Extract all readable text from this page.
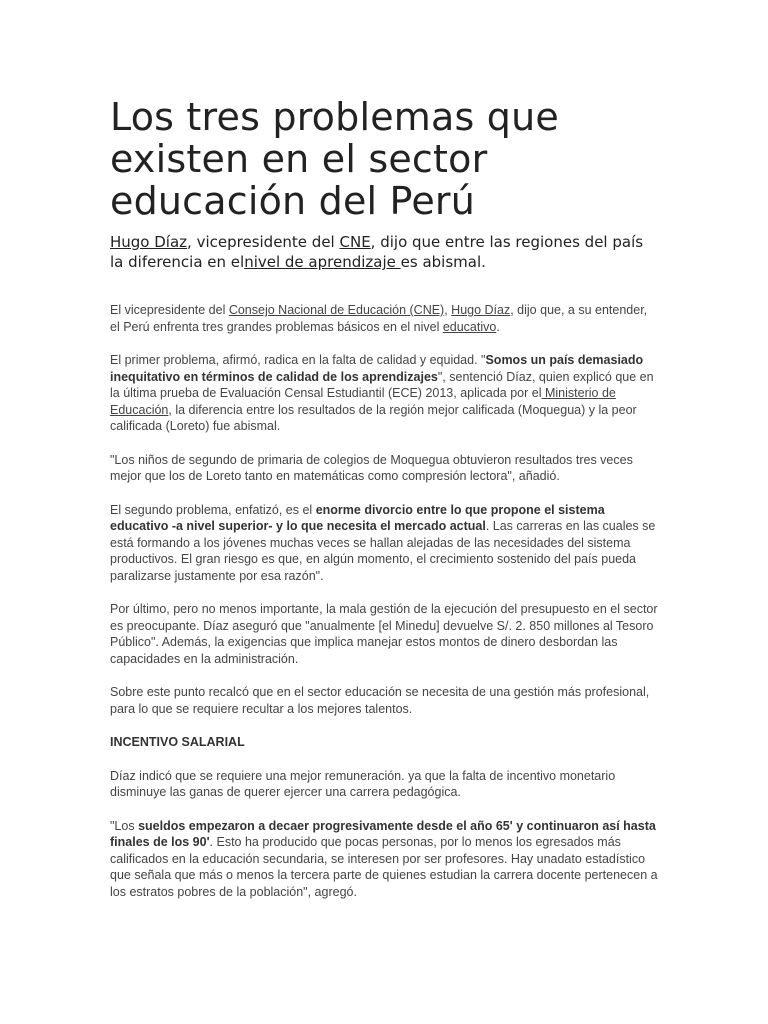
Los tres problemas que existen en el sector educación del Perú

Hugo Díaz, vicepresidente del CNE, dijo que entre las regiones del país la diferencia en elnivel de aprendizaje es abismal.

El vicepresidente del Consejo Nacional de Educación (CNE), Hugo Díaz, dijo que, a su entender, el Perú enfrenta tres grandes problemas básicos en el nivel educativo.

El primer problema, afirmó, radica en la falta de calidad y equidad. "Somos un país demasiado inequitativo en términos de calidad de los aprendizajes", sentenció Díaz, quien explicó que en la última prueba de Evaluación Censal Estudiantil (ECE) 2013, aplicada por el Ministerio de Educación, la diferencia entre los resultados de la región mejor calificada (Moquegua) y la peor calificada (Loreto) fue abismal.

"Los niños de segundo de primaria de colegios de Moquegua obtuvieron resultados tres veces mejor que los de Loreto tanto en matemáticas como compresión lectora", añadió.

El segundo problema, enfatizó, es el enorme divorcio entre lo que propone el sistema educativo -a nivel superior- y lo que necesita el mercado actual. Las carreras en las cuales se está formando a los jóvenes muchas veces se hallan alejadas de las necesidades del sistema productivos. El gran riesgo es que, en algún momento, el crecimiento sostenido del país pueda paralizarse justamente por esa razón".

Por último, pero no menos importante, la mala gestión de la ejecución del presupuesto en el sector es preocupante. Díaz aseguró que "anualmente [el Minedu] devuelve S/. 2. 850 millones al Tesoro Público". Además, la exigencias que implica manejar estos montos de dinero desbordan las capacidades en la administración.

Sobre este punto recalcó que en el sector educación se necesita de una gestión más profesional, para lo que se requiere recultar a los mejores talentos.

INCENTIVO SALARIAL

Díaz indicó que se requiere una mejor remuneración. ya que la falta de incentivo monetario disminuye las ganas de querer ejercer una carrera pedagógica.

"Los sueldos empezaron a decaer progresivamente desde el año 65' y continuaron así hasta finales de los 90'. Esto ha producido que pocas personas, por lo menos los egresados más calificados en la educación secundaria, se interesen por ser profesores. Hay unadato estadístico que señala que más o menos la tercera parte de quienes estudian la carrera docente pertenecen a los estratos pobres de la población", agregó.
